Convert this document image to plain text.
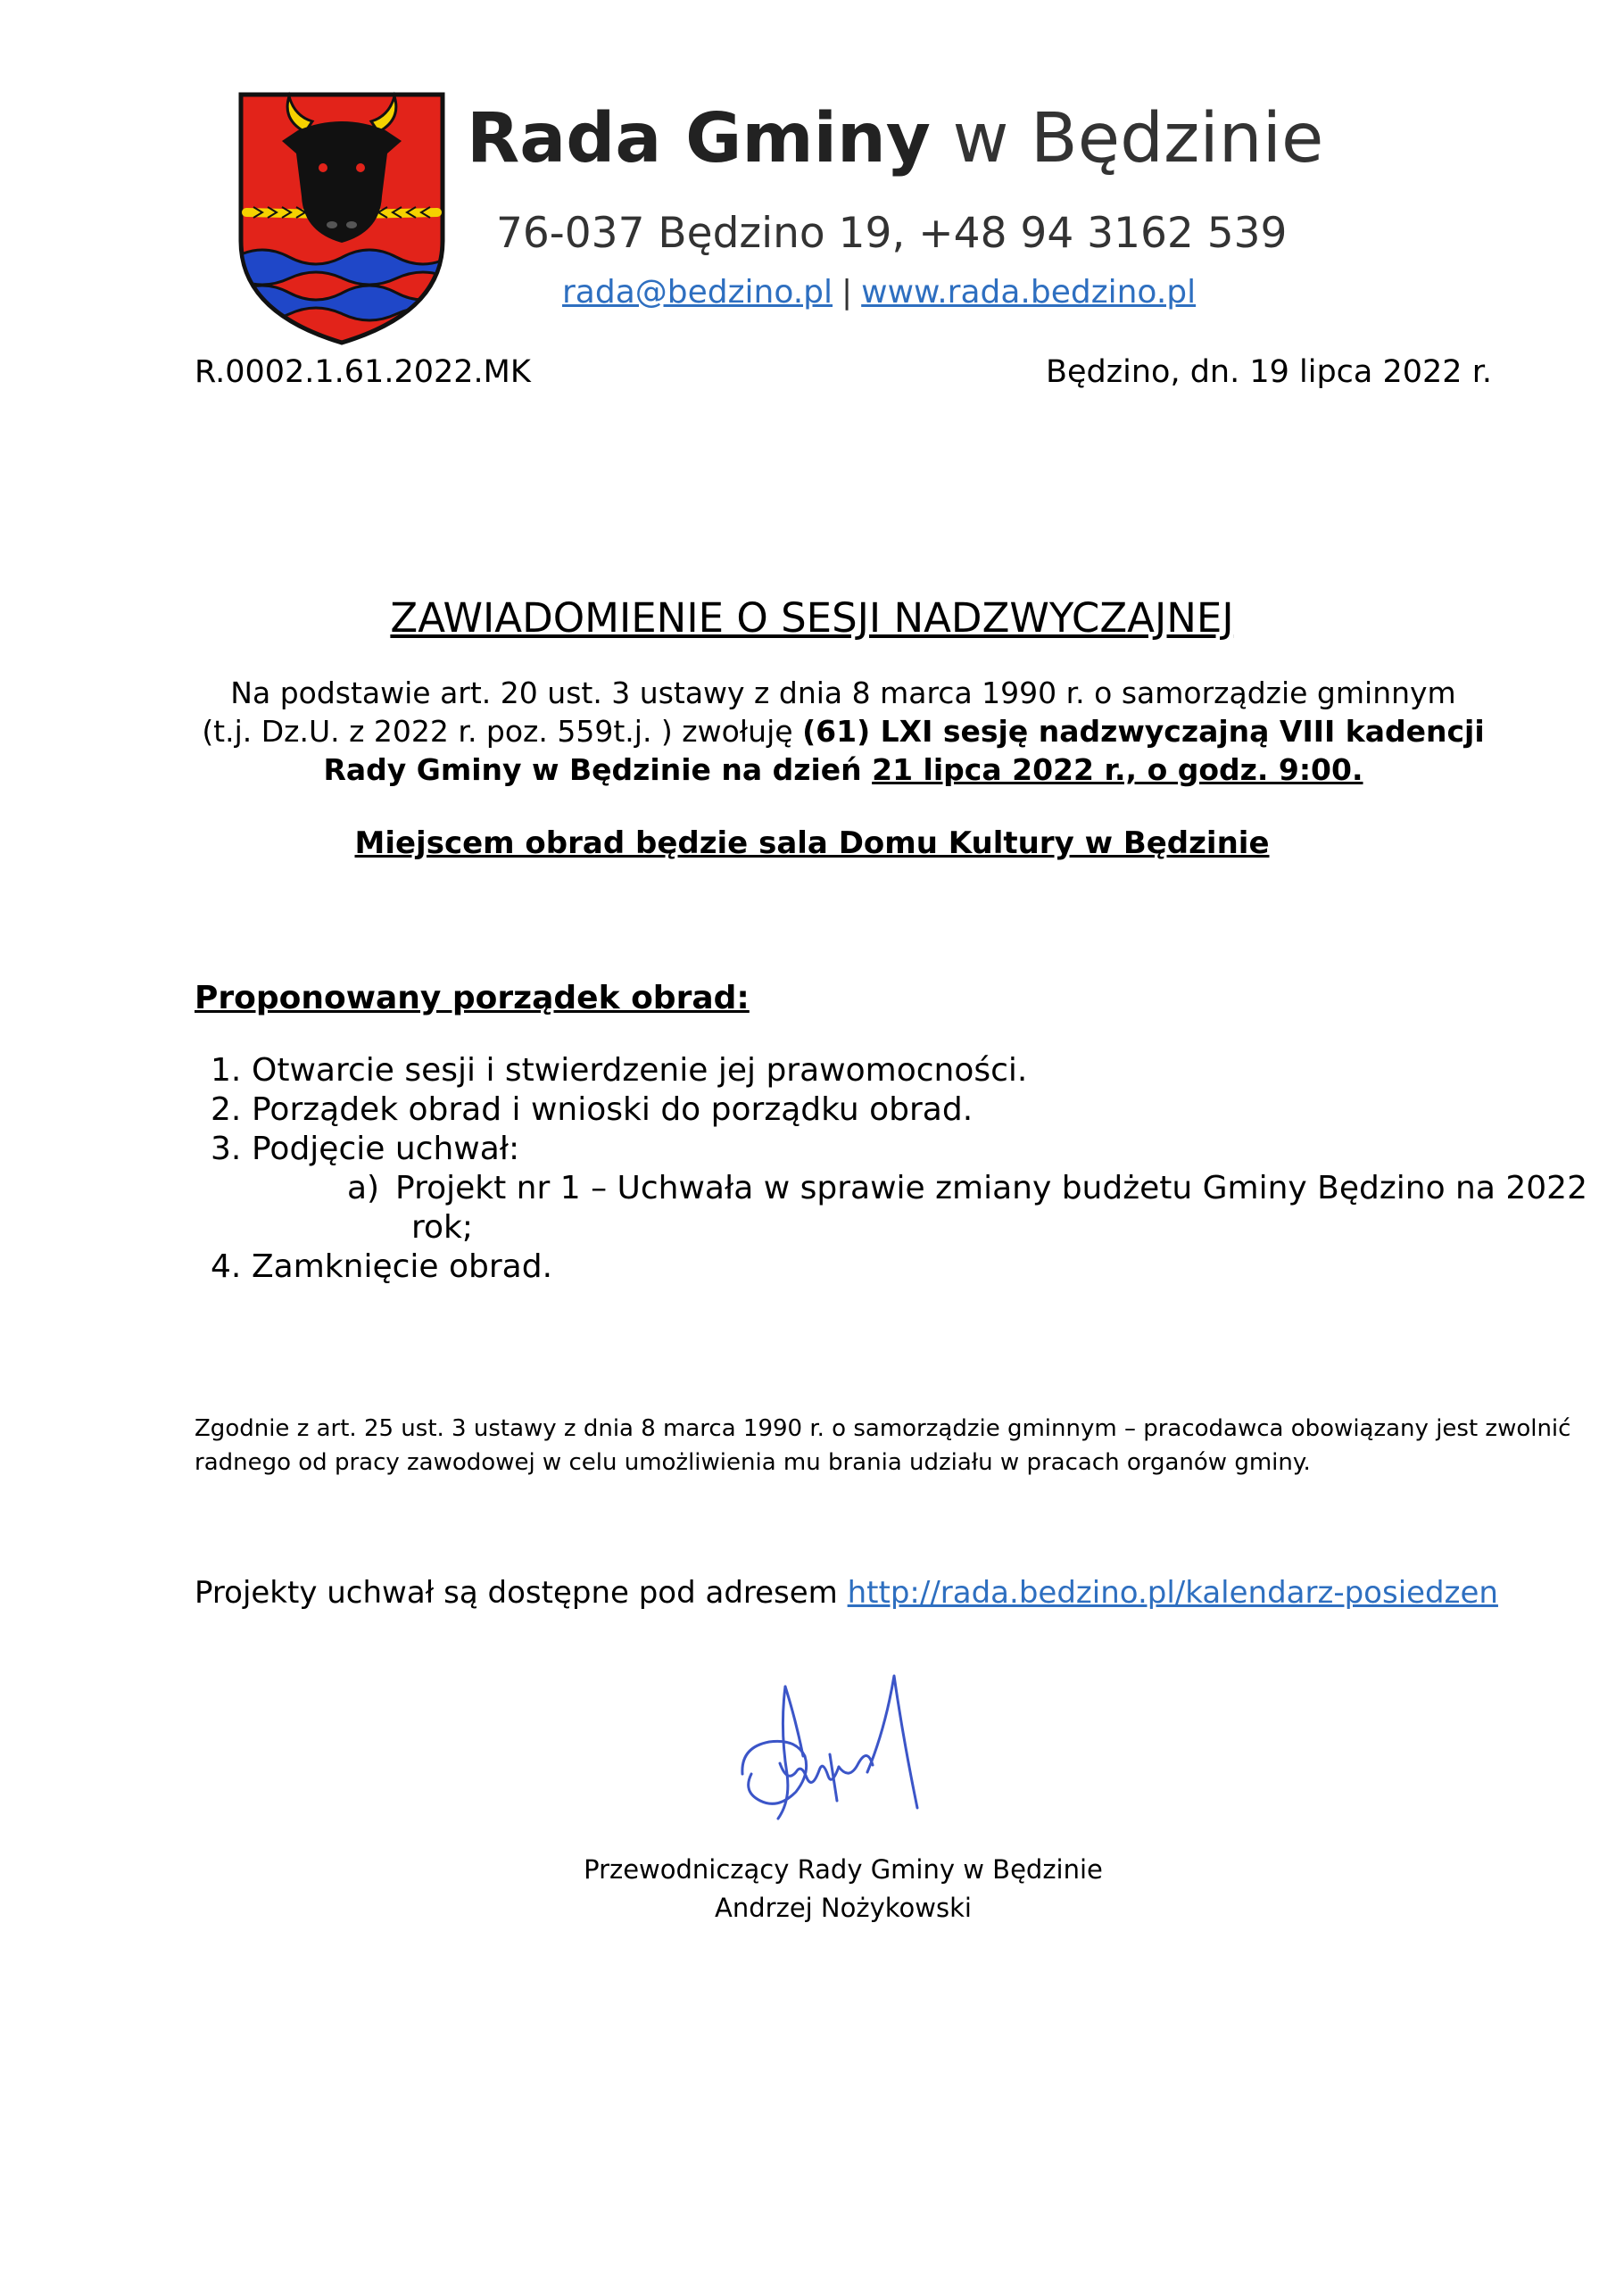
Rada Gminy w Będzinie
76-037 Będzino 19, +48 94 3162 539
rada@bedzino.pl | www.rada.bedzino.pl
R.0002.1.61.2022.MK	Będzino, dn. 19 lipca 2022 r.
ZAWIADOMIENIE O SESJI NADZWYCZAJNEJ
Na podstawie art. 20 ust. 3 ustawy z dnia 8 marca 1990 r. o samorządzie gminnym
(t.j. Dz.U. z 2022 r. poz. 559t.j. ) zwołuję (61) LXI sesję nadzwyczajną VIII kadencji
Rady Gminy w Będzinie na dzień 21 lipca 2022 r., o godz. 9:00.
Miejscem obrad będzie sala Domu Kultury w Będzinie
Proponowany porządek obrad:
1. Otwarcie sesji i stwierdzenie jej prawomocności.
2. Porządek obrad i wnioski do porządku obrad.
3. Podjęcie uchwał:
a) Projekt nr 1 – Uchwała w sprawie zmiany budżetu Gminy Będzino na 2022
rok;
4. Zamknięcie obrad.
Zgodnie z art. 25 ust. 3 ustawy z dnia 8 marca 1990 r. o samorządzie gminnym – pracodawca obowiązany jest zwolnić
radnego od pracy zawodowej w celu umożliwienia mu brania udziału w pracach organów gminy.
Projekty uchwał są dostępne pod adresem http://rada.bedzino.pl/kalendarz-posiedzen
Przewodniczący Rady Gminy w Będzinie
Andrzej Nożykowski
